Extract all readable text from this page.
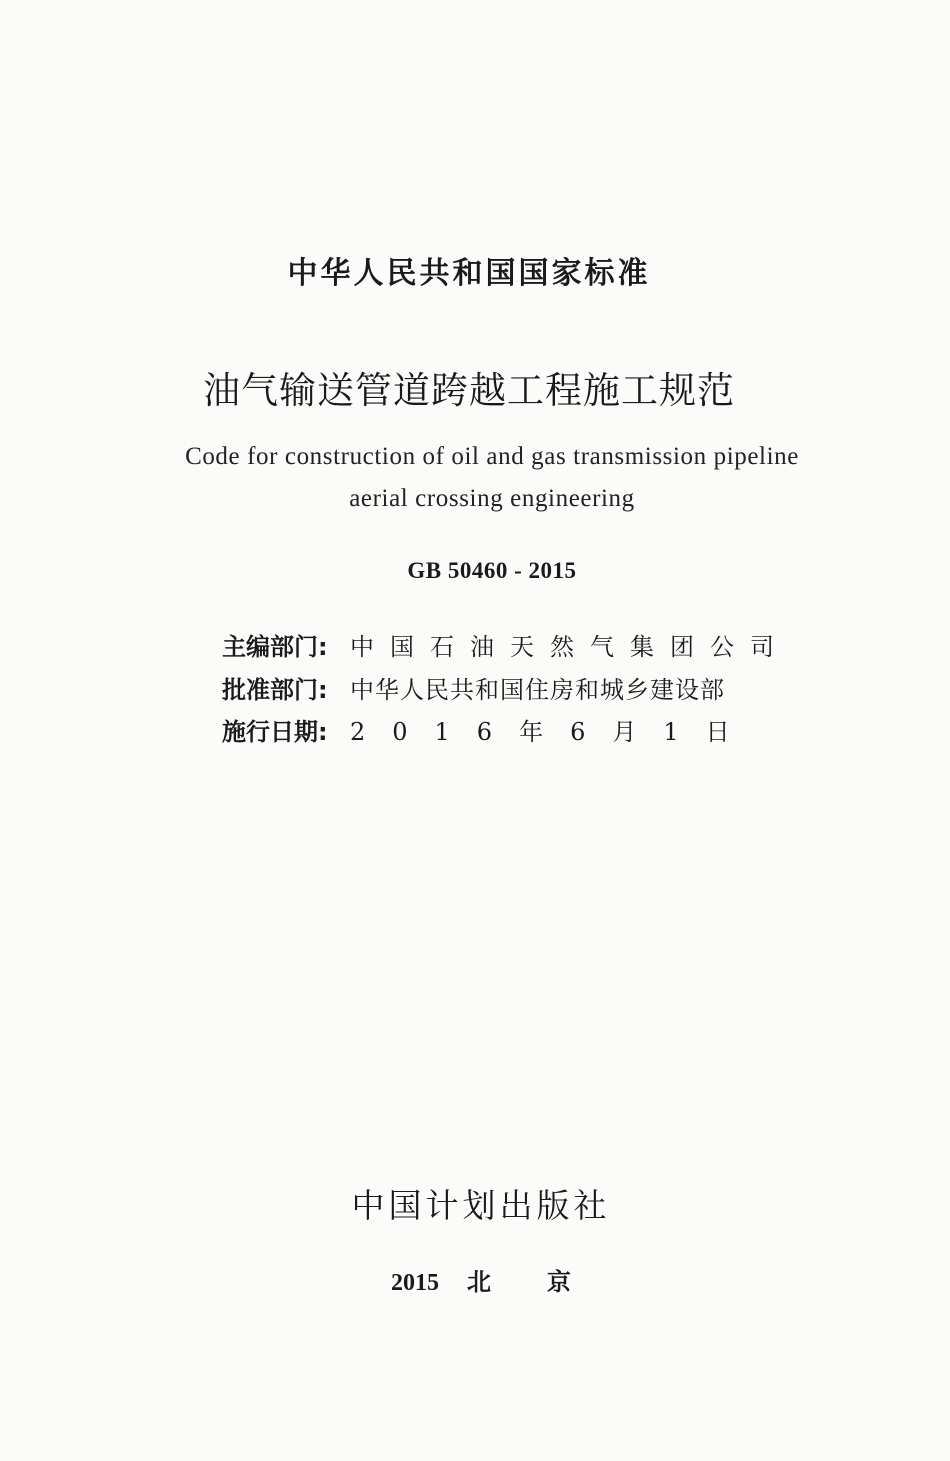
中华人民共和国国家标准
油气输送管道跨越工程施工规范
Code for construction of oil and gas transmission pipeline
aerial crossing engineering
GB 50460 - 2015
主编部门: 中国石油天然气集团公司
批准部门: 中华人民共和国住房和城乡建设部
施行日期: 2016年6月1日
中国计划出版社
2015 北京
